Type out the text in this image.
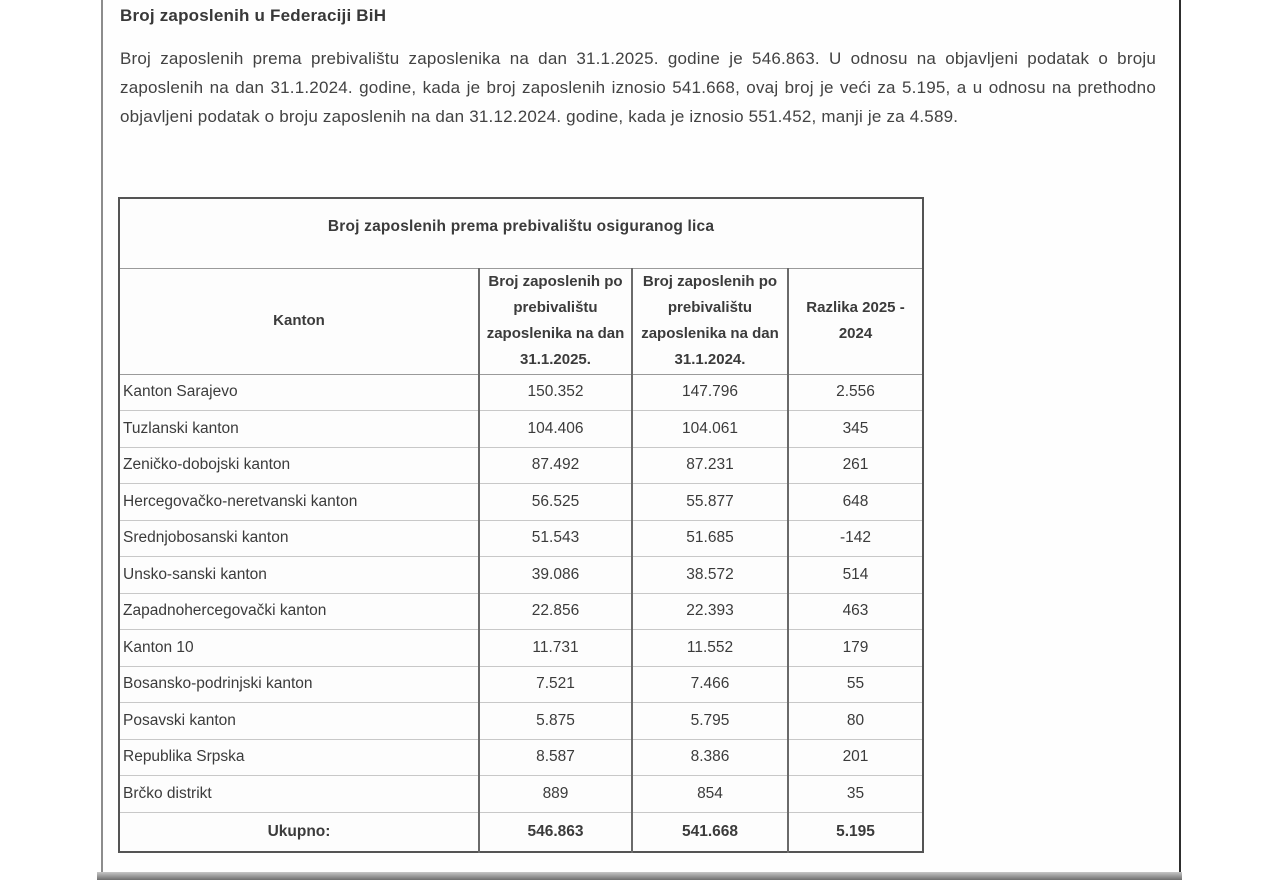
Broj zaposlenih u Federaciji BiH
Broj zaposlenih prema prebivalištu zaposlenika na dan 31.1.2025. godine je 546.863. U odnosu na objavljeni podatak o broju zaposlenih na dan 31.1.2024. godine, kada je broj zaposlenih iznosio 541.668, ovaj broj je veći za 5.195, a u odnosu na prethodno objavljeni podatak o broju zaposlenih na dan 31.12.2024. godine, kada je iznosio 551.452, manji je za 4.589.
Broj zaposlenih prema prebivalištu osiguranog lica			
Kanton	Broj zaposlenih po prebivalištu zaposlenika na dan 31.1.2025.	Broj zaposlenih po prebivalištu zaposlenika na dan 31.1.2024.	Razlika 2025 - 2024
Kanton Sarajevo	150.352	147.796	2.556
Tuzlanski kanton	104.406	104.061	345
Zeničko-dobojski kanton	87.492	87.231	261
Hercegovačko-neretvanski kanton	56.525	55.877	648
Srednjobosanski kanton	51.543	51.685	-142
Unsko-sanski kanton	39.086	38.572	514
Zapadnohercegovački kanton	22.856	22.393	463
Kanton 10	11.731	11.552	179
Bosansko-podrinjski kanton	7.521	7.466	55
Posavski kanton	5.875	5.795	80
Republika Srpska	8.587	8.386	201
Brčko distrikt	889	854	35
Ukupno:	546.863	541.668	5.195
